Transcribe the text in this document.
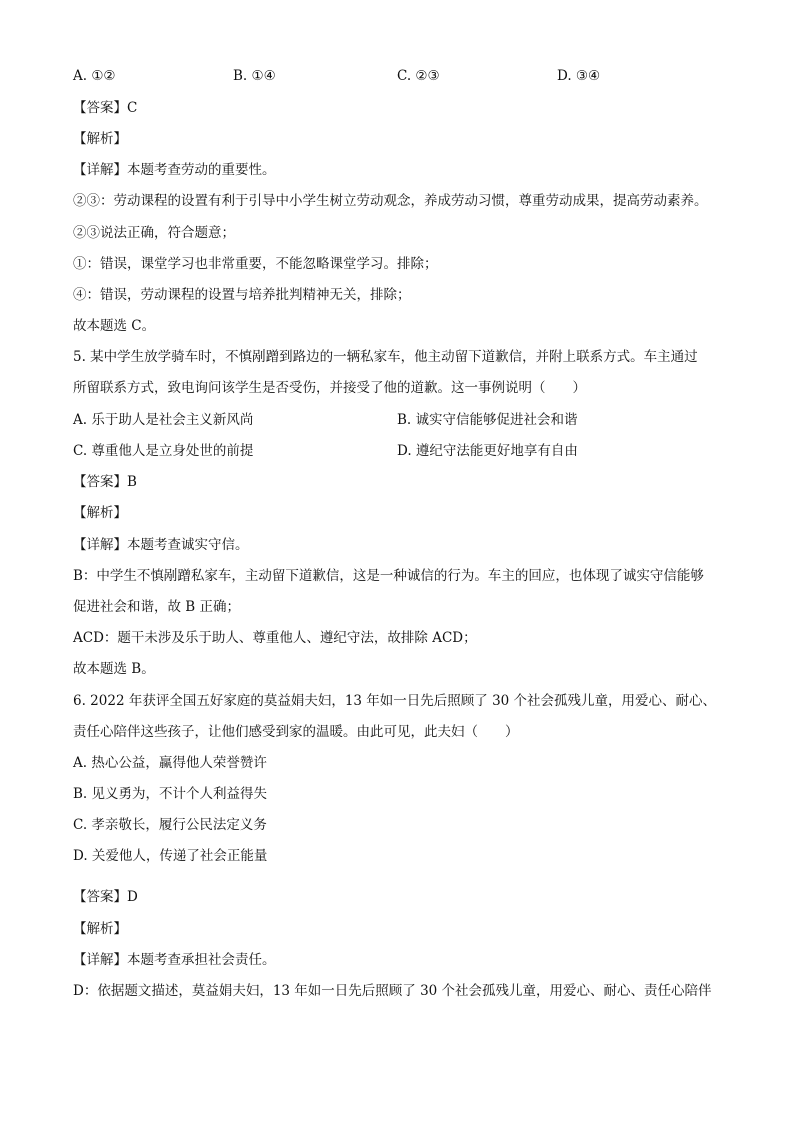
A. ①②	B. ①④	C. ②③	D. ③④
【答案】C
【解析】
【详解】本题考查劳动的重要性。
②③：劳动课程的设置有利于引导中小学生树立劳动观念，养成劳动习惯，尊重劳动成果，提高劳动素养。
②③说法正确，符合题意；
①：错误，课堂学习也非常重要，不能忽略课堂学习。排除；
④：错误，劳动课程的设置与培养批判精神无关，排除；
故本题选 C。
5. 某中学生放学骑车时，不慎剐蹭到路边的一辆私家车，他主动留下道歉信，并附上联系方式。车主通过
所留联系方式，致电询问该学生是否受伤，并接受了他的道歉。这一事例说明（　　）
A. 乐于助人是社会主义新风尚	B. 诚实守信能够促进社会和谐
C. 尊重他人是立身处世的前提	D. 遵纪守法能更好地享有自由
【答案】B
【解析】
【详解】本题考查诚实守信。
B：中学生不慎剐蹭私家车，主动留下道歉信，这是一种诚信的行为。车主的回应，也体现了诚实守信能够
促进社会和谐，故 B 正确；
ACD：题干未涉及乐于助人、尊重他人、遵纪守法，故排除 ACD；
故本题选 B。
6. 2022 年获评全国五好家庭的莫益娟夫妇，13 年如一日先后照顾了 30 个社会孤残儿童，用爱心、耐心、
责任心陪伴这些孩子，让他们感受到家的温暖。由此可见，此夫妇（　　）
A. 热心公益，赢得他人荣誉赞许
B. 见义勇为，不计个人利益得失
C. 孝亲敬长，履行公民法定义务
D. 关爱他人，传递了社会正能量
【答案】D
【解析】
【详解】本题考查承担社会责任。
D：依据题文描述，莫益娟夫妇，13 年如一日先后照顾了 30 个社会孤残儿童，用爱心、耐心、责任心陪伴
